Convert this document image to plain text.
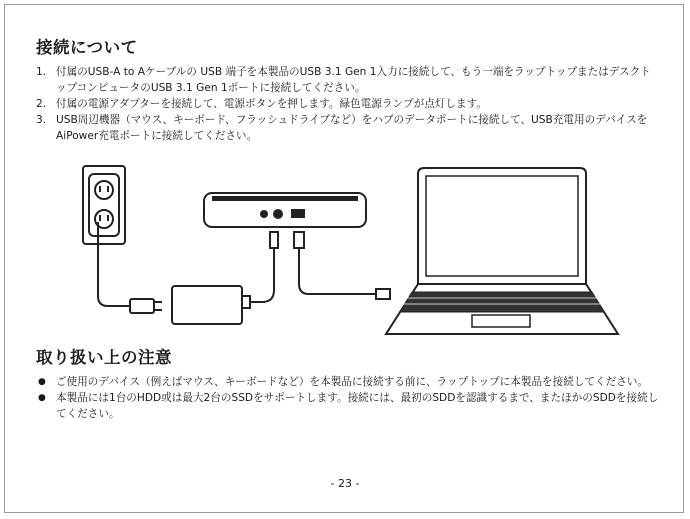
接続について
1. 付属のUSB-A to Aケーブルの USB 端子を本製品のUSB 3.1 Gen 1入力に接続して、もう一端をラップトップまたはデスクトップコンピュータのUSB 3.1 Gen 1ポートに接続してください。
2. 付属の電源アダプターを接続して、電源ボタンを押します。緑色電源ランプが点灯します。
3. USB周辺機器（マウス、キーボード、フラッシュドライブなど）をハブのデータポートに接続して、USB充電用のデバイスをAiPower充電ポートに接続してください。
取り扱い上の注意
● ご使用のデバイス（例えばマウス、キーボードなど）を本製品に接続する前に、ラップトップに本製品を接続してください。
● 本製品には1台のHDD或は最大2台のSSDをサポートします。接続には、最初のSDDを認識するまで、またほかのSDDを接続してください。
- 23 -
